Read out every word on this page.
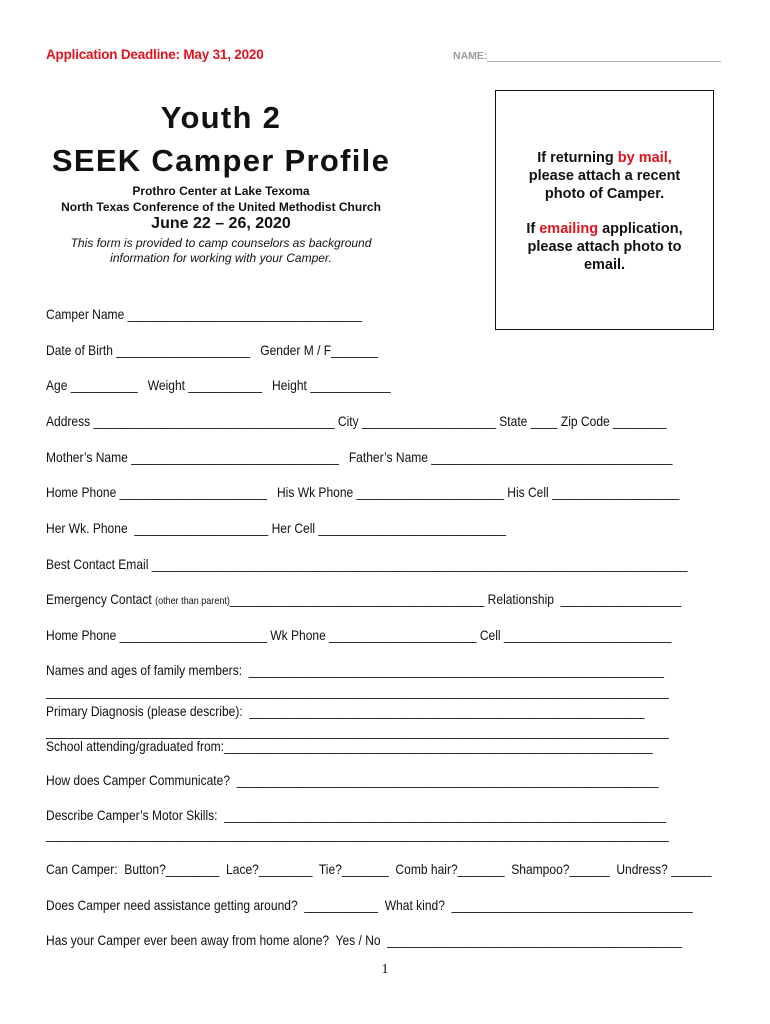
Application Deadline: May 31, 2020	NAME:
Youth 2
SEEK Camper Profile
Prothro Center at Lake Texoma
North Texas Conference of the United Methodist Church
June 22 – 26, 2020
This form is provided to camp counselors as background
information for working with your Camper.
If returning by mail,
please attach a recent
photo of Camper.
If emailing application,
please attach photo to
email.
Camper Name ___________________________________
Date of Birth ____________________   Gender M / F_______
Age __________   Weight ___________   Height ____________
Address ____________________________________ City ____________________ State ____ Zip Code ________
Mother’s Name _______________________________   Father’s Name ____________________________________
Home Phone ______________________   His Wk Phone ______________________ His Cell ___________________
Her Wk. Phone  ____________________ Her Cell ____________________________
Best Contact Email ________________________________________________________________________________
Emergency Contact (other than parent)______________________________________ Relationship  __________________
Home Phone ______________________ Wk Phone ______________________ Cell _________________________
Names and ages of family members:  ______________________________________________________________
_____________________________________________________________________________________________
Primary Diagnosis (please describe):  ___________________________________________________________
_____________________________________________________________________________________________
School attending/graduated from:________________________________________________________________
How does Camper Communicate?  _______________________________________________________________
Describe Camper’s Motor Skills:  __________________________________________________________________
_____________________________________________________________________________________________
Can Camper:  Button?________  Lace?________  Tie?_______  Comb hair?_______  Shampoo?______  Undress? ______
Does Camper need assistance getting around?  ___________  What kind?  ____________________________________
Has your Camper ever been away from home alone?  Yes / No  ____________________________________________
1
